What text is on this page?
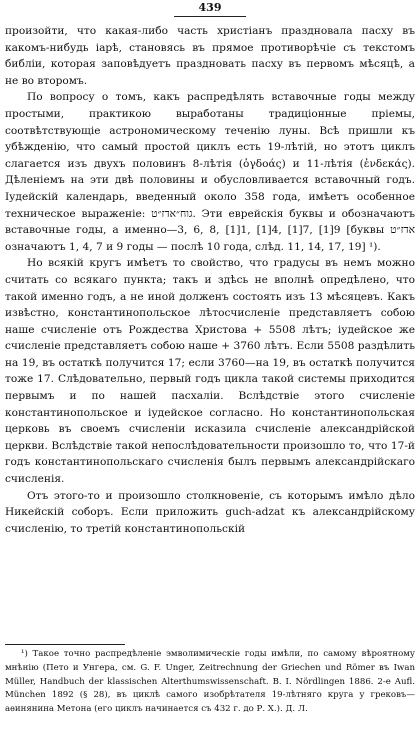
439

произойти, что какая-либо часть христіанъ праздновала пасху въ какомъ-нибудь іарѣ, становясь въ прямое противорѣчіе съ текстомъ библіи, которая заповѣдуетъ праздновать пасху въ первомъ мѣсяцѣ, а не во второмъ.

По вопросу о томъ, какъ распредѣлять вставочные годы между простыми, практикою выработаны традиціонные пріемы, соотвѣтствующіе астрономическому теченію луны. Всѣ пришли къ убѣжденію, что самый простой циклъ есть 19-лѣтій, но этотъ циклъ слагается изъ двухъ половинъ 8-лѣтія (ὀγδοάς) и 11-лѣтія (ἐνδεκάς). Дѣленіемъ на эти двѣ половины и обусловливается вставочный годъ. Іудейскій календарь, введенный около 358 года, имѣетъ особенное техническое выраженіе: גוח״אדז״ט. Эти еврейскія буквы и обозначаютъ вставочные годы, а именно—3, 6, 8, [1]1, [1]4, [1]7, [1]9 [буквы אדז״ט означаютъ 1, 4, 7 и 9 годы — послѣ 10 года, слѣд. 11, 14, 17, 19] ¹).

Но всякій кругъ имѣетъ то свойство, что градусы въ немъ можно считать со всякаго пункта; такъ и здѣсь не вполнѣ опредѣлено, что такой именно годъ, а не иной долженъ состоять изъ 13 мѣсяцевъ. Какъ извѣстно, константинопольское лѣтосчисленіе представляетъ собою наше счисленіе отъ Рождества Христова + 5508 лѣтъ; іудейское же счисленіе представляетъ собою наше + 3760 лѣтъ. Если 5508 раздѣлить на 19, въ остаткѣ получится 17; если 3760—на 19, въ остаткѣ получится тоже 17. Слѣдовательно, первый годъ цикла такой системы приходится первымъ и по нашей пасхаліи. Вслѣдствіе этого счисленіе константинопольское и іудейское согласно. Но константинопольская церковь въ своемъ счисленіи исказила счисленіе александрійской церкви. Вслѣдствіе такой непослѣдовательности произошло то, что 17-й годъ константинопольскаго счисленія былъ первымъ александрійскаго счисленія.

Отъ этого-то и произошло столкновеніе, съ которымъ имѣло дѣло Никейскій соборъ. Если приложить guch-adzat къ александрійскому счисленію, то третій константинопольскій

¹) Такое точно распредѣленіе эмволимическіе годы имѣли, по самому вѣроятному мнѣнію (Пето и Унгера, см. G. F. Unger, Zeitrechnung der Griechen und Römer въ Iwan Müller, Handbuch der klassischen Alterthumswissenschaft. B. I. Nördlingen 1886. 2-e Aufl. München 1892 (§ 28), въ циклѣ самого изобрѣтателя 19-лѣтняго круга у грековъ—аѳинянина Метона (его циклъ начинается съ 432 г. до Р. Х.). Д. Л.
